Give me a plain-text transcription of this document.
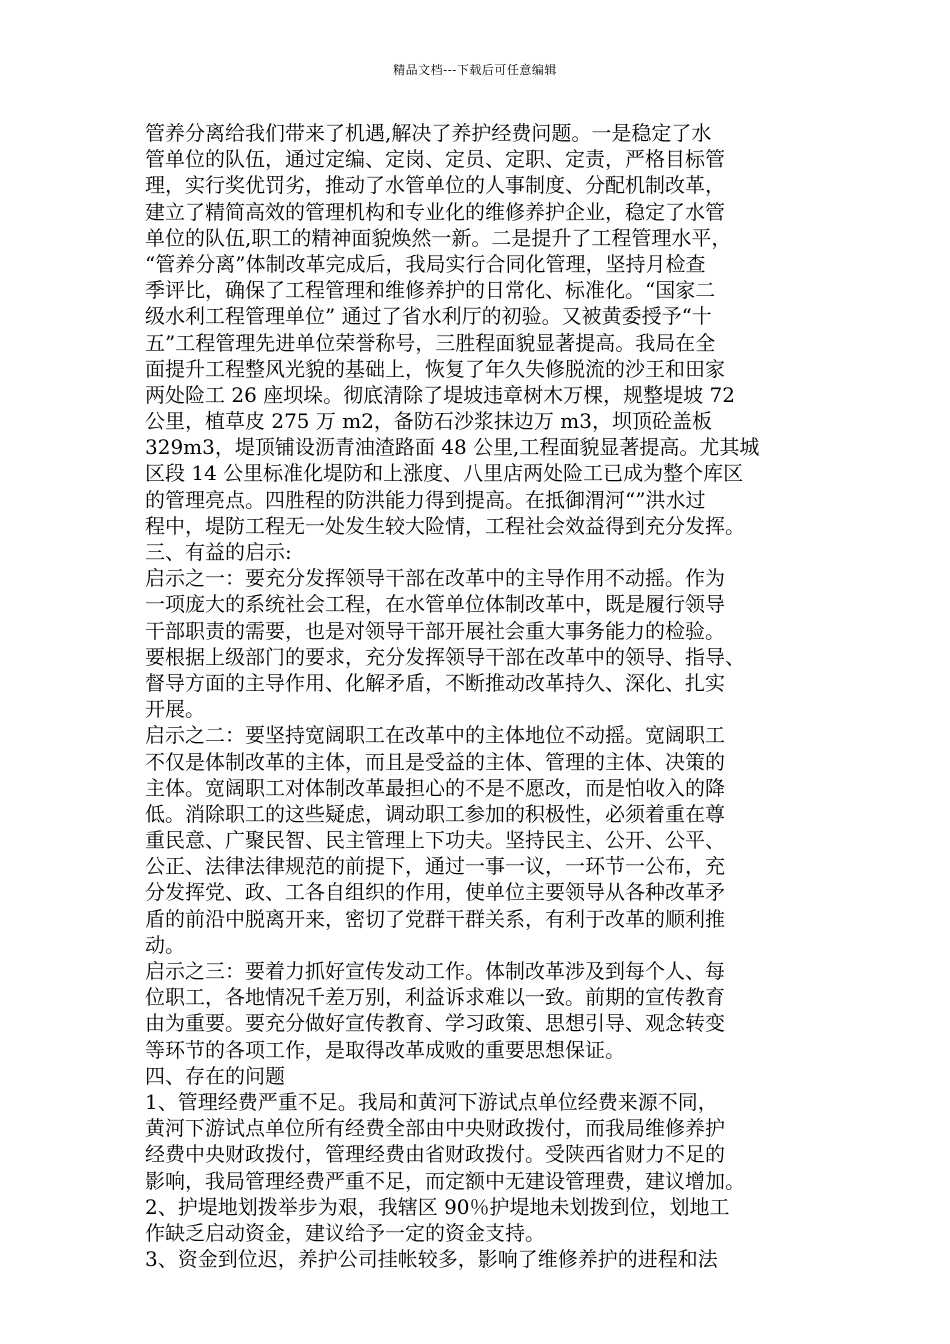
精品文档---下载后可任意编辑
管养分离给我们带来了机遇,解决了养护经费问题。一是稳定了水
管单位的队伍，通过定编、定岗、定员、定职、定责，严格目标管
理，实行奖优罚劣，推动了水管单位的人事制度、分配机制改革，
建立了精简高效的管理机构和专业化的维修养护企业，稳定了水管
单位的队伍,职工的精神面貌焕然一新。二是提升了工程管理水平，
“管养分离”体制改革完成后，我局实行合同化管理，坚持月检查
季评比，确保了工程管理和维修养护的日常化、标准化。“国家二
级水利工程管理单位” 通过了省水利厅的初验。又被黄委授予“十
五”工程管理先进单位荣誉称号，三胜程面貌显著提高。我局在全
面提升工程整风光貌的基础上，恢复了年久失修脱流的沙王和田家
两处险工 26 座坝垛。彻底清除了堤坡违章树木万棵，规整堤坡 72
公里，植草皮 275 万 m2，备防石沙浆抹边万 m3，坝顶砼盖板
329m3，堤顶铺设沥青油渣路面 48 公里,工程面貌显著提高。尤其城
区段 14 公里标准化堤防和上涨度、八里店两处险工已成为整个库区
的管理亮点。四胜程的防洪能力得到提高。在抵御渭河“”洪水过
程中，堤防工程无一处发生较大险情，工程社会效益得到充分发挥。
三、有益的启示:
启示之一：要充分发挥领导干部在改革中的主导作用不动摇。作为
一项庞大的系统社会工程，在水管单位体制改革中，既是履行领导
干部职责的需要，也是对领导干部开展社会重大事务能力的检验。
要根据上级部门的要求，充分发挥领导干部在改革中的领导、指导、
督导方面的主导作用、化解矛盾，不断推动改革持久、深化、扎实
开展。
启示之二：要坚持宽阔职工在改革中的主体地位不动摇。宽阔职工
不仅是体制改革的主体，而且是受益的主体、管理的主体、决策的
主体。宽阔职工对体制改革最担心的不是不愿改，而是怕收入的降
低。消除职工的这些疑虑，调动职工参加的积极性，必须着重在尊
重民意、广聚民智、民主管理上下功夫。坚持民主、公开、公平、
公正、法律法律规范的前提下，通过一事一议，一环节一公布，充
分发挥党、政、工各自组织的作用，使单位主要领导从各种改革矛
盾的前沿中脱离开来，密切了党群干群关系，有利于改革的顺利推
动。
启示之三：要着力抓好宣传发动工作。体制改革涉及到每个人、每
位职工，各地情况千差万别，利益诉求难以一致。前期的宣传教育
由为重要。要充分做好宣传教育、学习政策、思想引导、观念转变
等环节的各项工作，是取得改革成败的重要思想保证。
四、存在的问题
1、管理经费严重不足。我局和黄河下游试点单位经费来源不同，
黄河下游试点单位所有经费全部由中央财政拨付，而我局维修养护
经费中央财政拨付，管理经费由省财政拨付。受陕西省财力不足的
影响，我局管理经费严重不足，而定额中无建设管理费，建议增加。
2、护堤地划拨举步为艰，我辖区 90％护堤地未划拨到位，划地工
作缺乏启动资金，建议给予一定的资金支持。
3、资金到位迟，养护公司挂帐较多，影响了维修养护的进程和法
